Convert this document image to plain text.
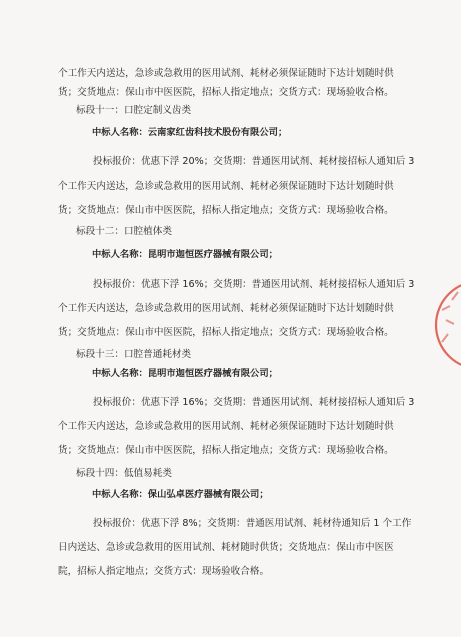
个工作天内送达，急诊或急救用的医用试剂、耗材必须保证随时下达计划随时供
货；交货地点：保山市中医医院，招标人指定地点；交货方式：现场验收合格。
标段十一：口腔定制义齿类
中标人名称：云南家红齿科技术股份有限公司；
投标报价：优惠下浮 20%；交货期：普通医用试剂、耗材接招标人通知后 3
个工作天内送达，急诊或急救用的医用试剂、耗材必须保证随时下达计划随时供
货；交货地点：保山市中医医院，招标人指定地点；交货方式：现场验收合格。
标段十二：口腔植体类
中标人名称：昆明市迦恒医疗器械有限公司；
投标报价：优惠下浮 16%；交货期：普通医用试剂、耗材接招标人通知后 3
个工作天内送达，急诊或急救用的医用试剂、耗材必须保证随时下达计划随时供
货；交货地点：保山市中医医院，招标人指定地点；交货方式：现场验收合格。
标段十三：口腔普通耗材类
中标人名称：昆明市迦恒医疗器械有限公司；
投标报价：优惠下浮 16%；交货期：普通医用试剂、耗材接招标人通知后 3
个工作天内送达，急诊或急救用的医用试剂、耗材必须保证随时下达计划随时供
货；交货地点：保山市中医医院，招标人指定地点；交货方式：现场验收合格。
标段十四：低值易耗类
中标人名称：保山弘卓医疗器械有限公司；
投标报价：优惠下浮 8%；交货期：普通医用试剂、耗材待通知后 1 个工作
日内送达、急诊或急救用的医用试剂、耗材随时供货；交货地点：保山市中医医
院，招标人指定地点；交货方式：现场验收合格。
